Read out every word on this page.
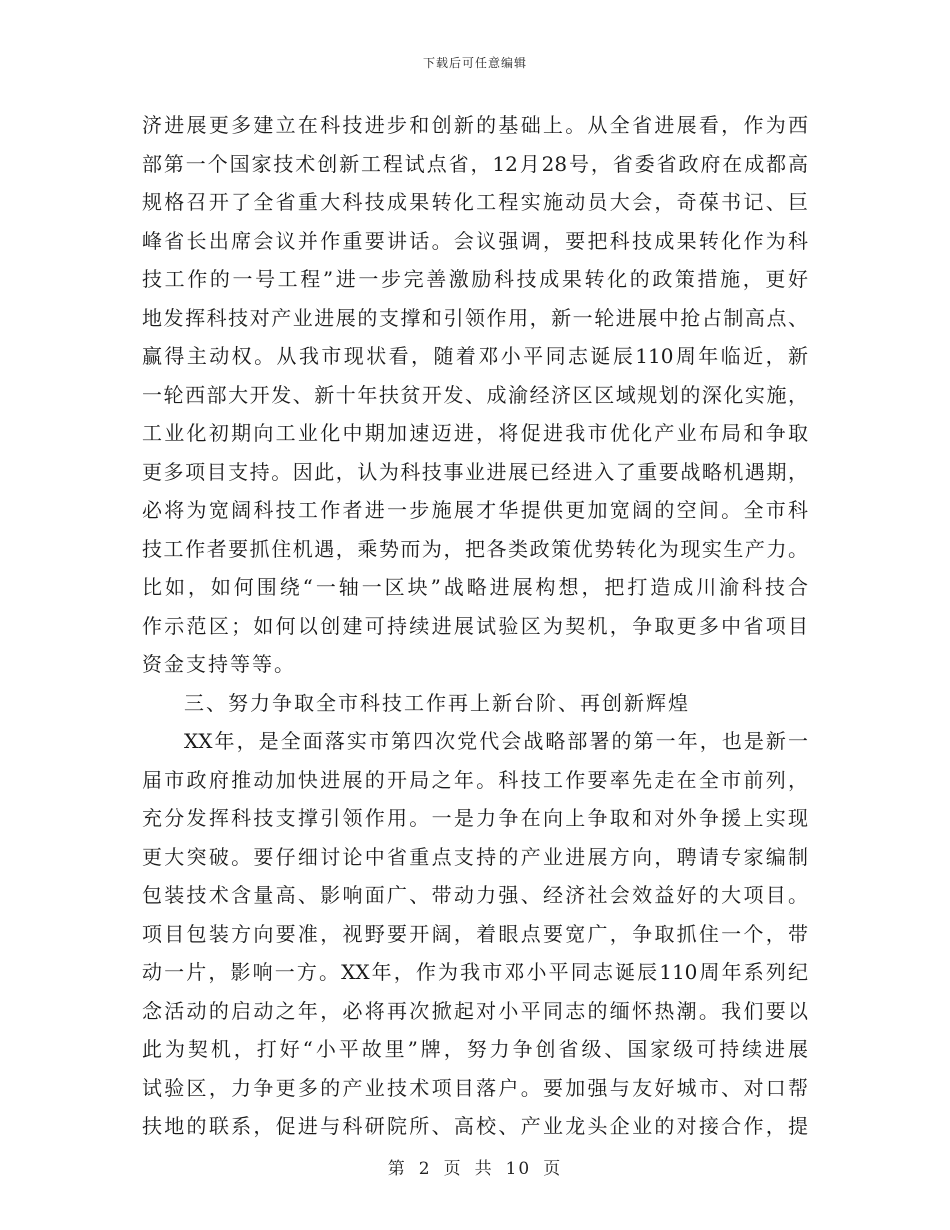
下载后可任意编辑
济进展更多建立在科技进步和创新的基础上。从全省进展看，作为西
部第一个国家技术创新工程试点省，12月28号，省委省政府在成都高
规格召开了全省重大科技成果转化工程实施动员大会，奇葆书记、巨
峰省长出席会议并作重要讲话。会议强调，要把科技成果转化作为科
技工作的一号工程”进一步完善激励科技成果转化的政策措施，更好
地发挥科技对产业进展的支撑和引领作用，新一轮进展中抢占制高点、
赢得主动权。从我市现状看，随着邓小平同志诞辰110周年临近，新
一轮西部大开发、新十年扶贫开发、成渝经济区区域规划的深化实施，
工业化初期向工业化中期加速迈进，将促进我市优化产业布局和争取
更多项目支持。因此，认为科技事业进展已经进入了重要战略机遇期，
必将为宽阔科技工作者进一步施展才华提供更加宽阔的空间。全市科
技工作者要抓住机遇，乘势而为，把各类政策优势转化为现实生产力。
比如，如何围绕“一轴一区块”战略进展构想，把打造成川渝科技合
作示范区；如何以创建可持续进展试验区为契机，争取更多中省项目
资金支持等等。
三、努力争取全市科技工作再上新台阶、再创新辉煌
XX年，是全面落实市第四次党代会战略部署的第一年，也是新一
届市政府推动加快进展的开局之年。科技工作要率先走在全市前列，
充分发挥科技支撑引领作用。一是力争在向上争取和对外争援上实现
更大突破。要仔细讨论中省重点支持的产业进展方向，聘请专家编制
包装技术含量高、影响面广、带动力强、经济社会效益好的大项目。
项目包装方向要准，视野要开阔，着眼点要宽广，争取抓住一个，带
动一片，影响一方。XX年，作为我市邓小平同志诞辰110周年系列纪
念活动的启动之年，必将再次掀起对小平同志的缅怀热潮。我们要以
此为契机，打好“小平故里”牌，努力争创省级、国家级可持续进展
试验区，力争更多的产业技术项目落户。要加强与友好城市、对口帮
扶地的联系，促进与科研院所、高校、产业龙头企业的对接合作，提
第 2 页 共 10 页
